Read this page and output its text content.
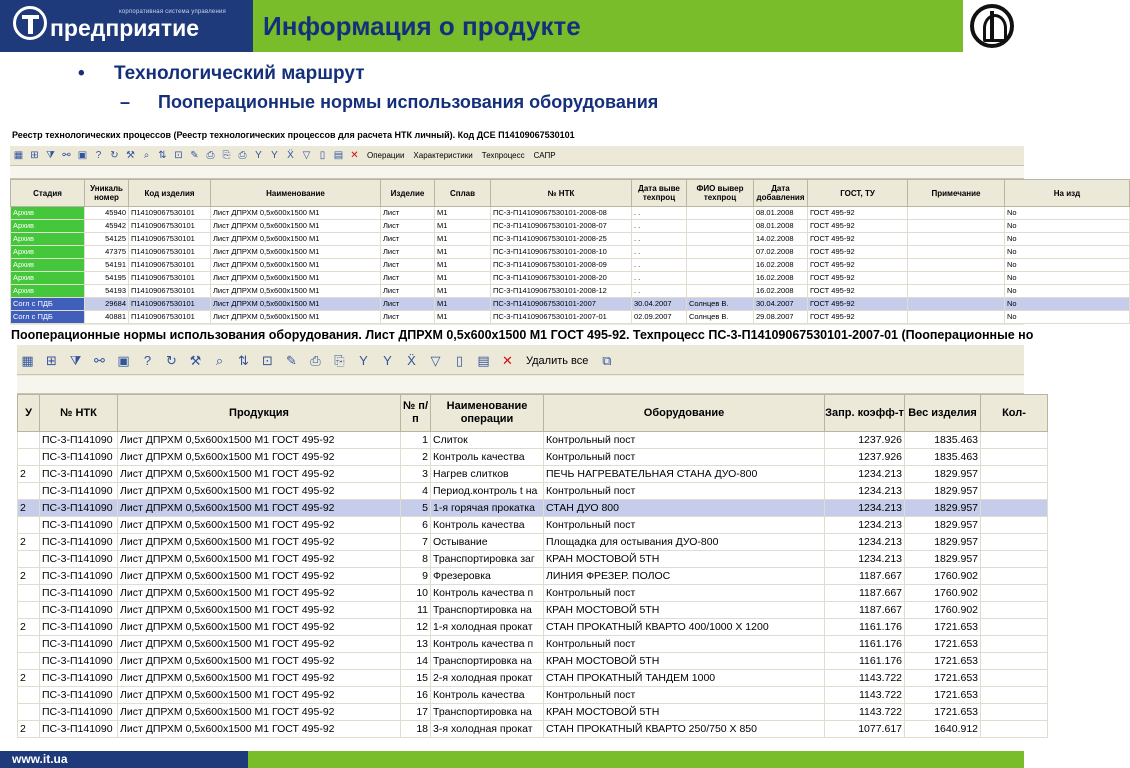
корпоративная система управления
предприятие Информация о продукте
• Технологический маршрут
– Пооперационные нормы использования оборудования
Реестр технологических процессов (Реестр технологических процессов для расчета НТК личный). Код ДСЕ П14109067530101
▦ ⊞ ⧩ ⚯ ▣ ? ↻ ⚒ ⌕ ⇅ ⊡ ✎ ⎙ ⎘ ⎙ Y Y Ẍ ▽ ▯ ▤ ✕ Операции Характеристики Техпроцесс САПР
Стадия	Уникаль номер	Код изделия	Наименование	Изделие	Сплав	№ НТК	Дата выве техпроц	ФИО вывер техпроц	Дата добавления	ГОСТ, ТУ	Примечание	На изд
Архив	45940	П14109067530101	Лист ДПРХМ 0,5х600х1500 М1	Лист	М1	ПС-3-П14109067530101-2008-08	. .		08.01.2008	ГОСТ 495-92		No
Архив	45942	П14109067530101	Лист ДПРХМ 0,5х600х1500 М1	Лист	М1	ПС-3-П14109067530101-2008-07	. .		08.01.2008	ГОСТ 495-92		No
Архив	54125	П14109067530101	Лист ДПРХМ 0,5х600х1500 М1	Лист	М1	ПС-3-П14109067530101-2008-25	. .		14.02.2008	ГОСТ 495-92		No
Архив	47375	П14109067530101	Лист ДПРХМ 0,5х600х1500 М1	Лист	М1	ПС-3-П14109067530101-2008-10	. .		07.02.2008	ГОСТ 495-92		No
Архив	54191	П14109067530101	Лист ДПРХМ 0,5х600х1500 М1	Лист	М1	ПС-3-П14109067530101-2008-09	. .		16.02.2008	ГОСТ 495-92		No
Архив	54195	П14109067530101	Лист ДПРХМ 0,5х600х1500 М1	Лист	М1	ПС-3-П14109067530101-2008-20	. .		16.02.2008	ГОСТ 495-92		No
Архив	54193	П14109067530101	Лист ДПРХМ 0,5х600х1500 М1	Лист	М1	ПС-3-П14109067530101-2008-12	. .		16.02.2008	ГОСТ 495-92		No
Согл с ПДБ	29684	П14109067530101	Лист ДПРХМ 0,5х600х1500 М1	Лист	М1	ПС-3-П14109067530101-2007	30.04.2007	Солнцев В.	30.04.2007	ГОСТ 495-92		No
Согл с ПДБ	40881	П14109067530101	Лист ДПРХМ 0,5х600х1500 М1	Лист	М1	ПС-3-П14109067530101-2007-01	02.09.2007	Солнцев В.	29.08.2007	ГОСТ 495-92		No
Пооперационные нормы использования оборудования. Лист ДПРХМ 0,5х600х1500 М1 ГОСТ 495-92. Техпроцесс ПС-3-П14109067530101-2007-01 (Пооперационные но
▦ ⊞ ⧩ ⚯ ▣	?	↻ ⚒	⌕	⇅ ⊡ ✎ ⎙ ⎘	Y	Y	Ẍ	▽	▯	▤ ✕ Удалить все ⧉
У	№ НТК	Продукция	№ п/п	Наименование операции	Оборудование	Запр. коэфф-т	Вес изделия	Кол-
	ПС-3-П141090	Лист ДПРХМ 0,5х600х1500 М1 ГОСТ 495-92	1	Слиток	Контрольный пост	1237.926	1835.463	
	ПС-3-П141090	Лист ДПРХМ 0,5х600х1500 М1 ГОСТ 495-92	2	Контроль качества	Контрольный пост	1237.926	1835.463	
2	ПС-3-П141090	Лист ДПРХМ 0,5х600х1500 М1 ГОСТ 495-92	3	Нагрев слитков	ПЕЧЬ НАГРЕВАТЕЛЬНАЯ СТАНА ДУО-800	1234.213	1829.957	
	ПС-3-П141090	Лист ДПРХМ 0,5х600х1500 М1 ГОСТ 495-92	4	Период.контроль t на	Контрольный пост	1234.213	1829.957	
2	ПС-3-П141090	Лист ДПРХМ 0,5х600х1500 М1 ГОСТ 495-92	5	1-я горячая прокатка	СТАН ДУО 800	1234.213	1829.957	
	ПС-3-П141090	Лист ДПРХМ 0,5х600х1500 М1 ГОСТ 495-92	6	Контроль качества	Контрольный пост	1234.213	1829.957	
2	ПС-3-П141090	Лист ДПРХМ 0,5х600х1500 М1 ГОСТ 495-92	7	Остывание	Площадка для остывания ДУО-800	1234.213	1829.957	
	ПС-3-П141090	Лист ДПРХМ 0,5х600х1500 М1 ГОСТ 495-92	8	Транспортировка заг	КРАН МОСТОВОЙ 5ТН	1234.213	1829.957	
2	ПС-3-П141090	Лист ДПРХМ 0,5х600х1500 М1 ГОСТ 495-92	9	Фрезеровка	ЛИНИЯ ФРЕЗЕР. ПОЛОС	1187.667	1760.902	
	ПС-3-П141090	Лист ДПРХМ 0,5х600х1500 М1 ГОСТ 495-92	10	Контроль качества п	Контрольный пост	1187.667	1760.902	
	ПС-3-П141090	Лист ДПРХМ 0,5х600х1500 М1 ГОСТ 495-92	11	Транспортировка на	КРАН МОСТОВОЙ 5ТН	1187.667	1760.902	
2	ПС-3-П141090	Лист ДПРХМ 0,5х600х1500 М1 ГОСТ 495-92	12	1-я холодная прокат	СТАН ПРОКАТНЫЙ КВАРТО 400/1000 Х 1200	1161.176	1721.653	
	ПС-3-П141090	Лист ДПРХМ 0,5х600х1500 М1 ГОСТ 495-92	13	Контроль качества п	Контрольный пост	1161.176	1721.653	
	ПС-3-П141090	Лист ДПРХМ 0,5х600х1500 М1 ГОСТ 495-92	14	Транспортировка на	КРАН МОСТОВОЙ 5ТН	1161.176	1721.653	
2	ПС-3-П141090	Лист ДПРХМ 0,5х600х1500 М1 ГОСТ 495-92	15	2-я холодная прокат	СТАН ПРОКАТНЫЙ ТАНДЕМ 1000	1143.722	1721.653	
	ПС-3-П141090	Лист ДПРХМ 0,5х600х1500 М1 ГОСТ 495-92	16	Контроль качества	Контрольный пост	1143.722	1721.653	
	ПС-3-П141090	Лист ДПРХМ 0,5х600х1500 М1 ГОСТ 495-92	17	Транспортировка на	КРАН МОСТОВОЙ 5ТН	1143.722	1721.653	
2	ПС-3-П141090	Лист ДПРХМ 0,5х600х1500 М1 ГОСТ 495-92	18	3-я холодная прокат	СТАН ПРОКАТНЫЙ КВАРТО 250/750 Х 850	1077.617	1640.912	
www.it.ua
